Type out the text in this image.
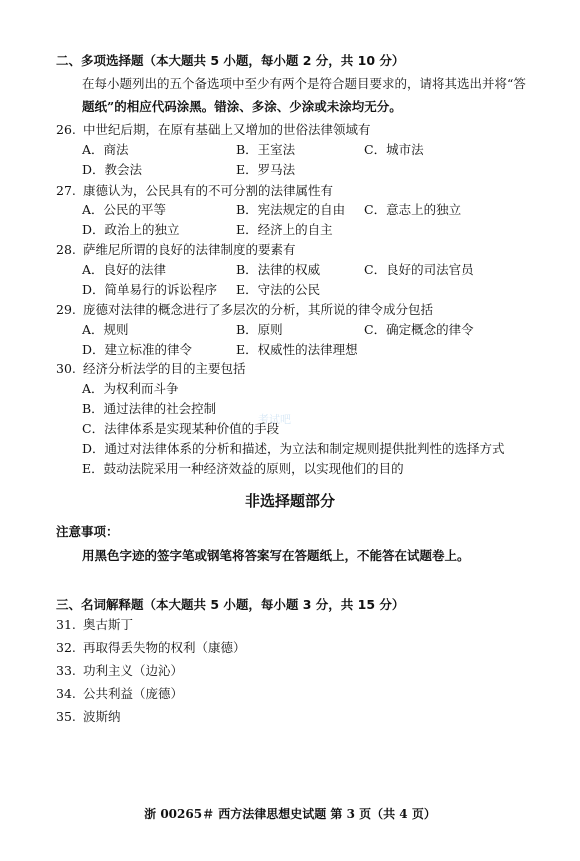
二、多项选择题（本大题共 5 小题，每小题 2 分，共 10 分）
在每小题列出的五个备选项中至少有两个是符合题目要求的，请将其选出并将“答
题纸”的相应代码涂黑。错涂、多涂、少涂或未涂均无分。
26. 中世纪后期，在原有基础上又增加的世俗法律领域有
A．商法	B．王室法	C．城市法
D．教会法	E．罗马法
27. 康德认为，公民具有的不可分割的法律属性有
A．公民的平等	B．宪法规定的自由 C．意志上的独立
D．政治上的独立	E．经济上的自主
28. 萨维尼所谓的良好的法律制度的要素有
A．良好的法律	B．法律的权威	C．良好的司法官员
D．简单易行的诉讼程序 E．守法的公民
29. 庞德对法律的概念进行了多层次的分析，其所说的律令成分包括
A．规则	B．原则	C．确定概念的律令
D．建立标准的律令	E．权威性的法律理想
30. 经济分析法学的目的主要包括
A．为权利而斗争
B．通过法律的社会控制
C．法律体系是实现某种价值的手段
D．通过对法律体系的分析和描述，为立法和制定规则提供批判性的选择方式
E．鼓动法院采用一种经济效益的原则，以实现他们的目的
考试吧
非选择题部分
注意事项：
用黑色字迹的签字笔或钢笔将答案写在答题纸上，不能答在试题卷上。
三、名词解释题（本大题共 5 小题，每小题 3 分，共 15 分）
31. 奥古斯丁
32. 再取得丢失物的权利（康德）
33. 功利主义（边沁）
34. 公共利益（庞德）
35. 波斯纳
浙 00265＃ 西方法律思想史试题 第 3 页（共 4 页）
